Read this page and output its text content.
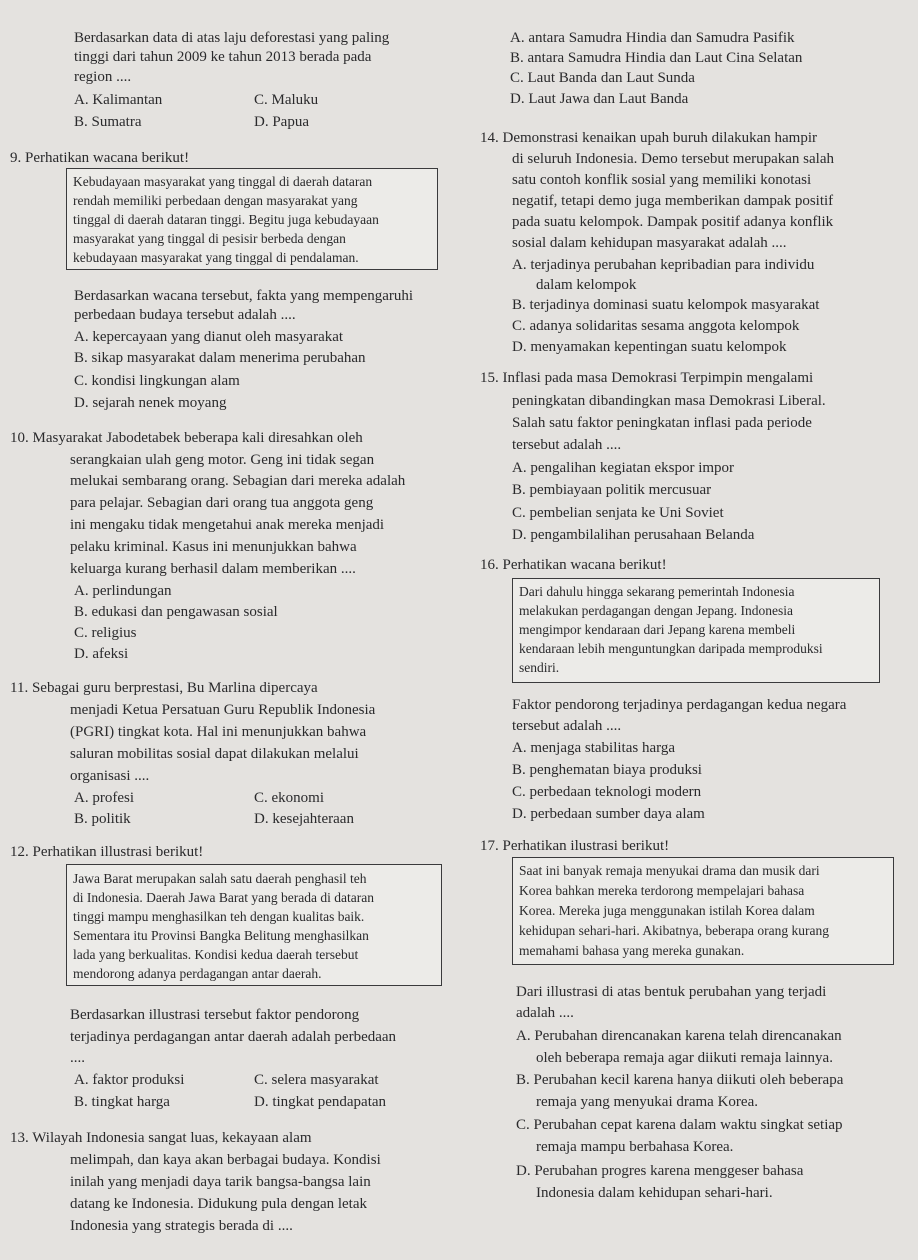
Berdasarkan data di atas laju deforestasi yang paling
tinggi dari tahun 2009 ke tahun 2013 berada pada
region ....
A. Kalimantan	C. Maluku
B. Sumatra	D. Papua
9. Perhatikan wacana berikut!
Kebudayaan masyarakat yang tinggal di daerah dataran
rendah memiliki perbedaan dengan masyarakat yang
tinggal di daerah dataran tinggi. Begitu juga kebudayaan
masyarakat yang tinggal di pesisir berbeda dengan
kebudayaan masyarakat yang tinggal di pendalaman.
Berdasarkan wacana tersebut, fakta yang mempengaruhi
perbedaan budaya tersebut adalah ....
A. kepercayaan yang dianut oleh masyarakat
B. sikap masyarakat dalam menerima perubahan
C. kondisi lingkungan alam
D. sejarah nenek moyang
10. Masyarakat Jabodetabek beberapa kali diresahkan oleh
serangkaian ulah geng motor. Geng ini tidak segan
melukai sembarang orang. Sebagian dari mereka adalah
para pelajar. Sebagian dari orang tua anggota geng
ini mengaku tidak mengetahui anak mereka menjadi
pelaku kriminal. Kasus ini menunjukkan bahwa
keluarga kurang berhasil dalam memberikan ....
A. perlindungan
B. edukasi dan pengawasan sosial
C. religius
D. afeksi
11. Sebagai guru berprestasi, Bu Marlina dipercaya
menjadi Ketua Persatuan Guru Republik Indonesia
(PGRI) tingkat kota. Hal ini menunjukkan bahwa
saluran mobilitas sosial dapat dilakukan melalui
organisasi ....
A. profesi	C. ekonomi
B. politik	D. kesejahteraan
12. Perhatikan illustrasi berikut!
Jawa Barat merupakan salah satu daerah penghasil teh
di Indonesia. Daerah Jawa Barat yang berada di dataran
tinggi mampu menghasilkan teh dengan kualitas baik.
Sementara itu Provinsi Bangka Belitung menghasilkan
lada yang berkualitas. Kondisi kedua daerah tersebut
mendorong adanya perdagangan antar daerah.
Berdasarkan illustrasi tersebut faktor pendorong
terjadinya perdagangan antar daerah adalah perbedaan
....
A. faktor produksi	C. selera masyarakat
B. tingkat harga	D. tingkat pendapatan
13. Wilayah Indonesia sangat luas, kekayaan alam
melimpah, dan kaya akan berbagai budaya. Kondisi
inilah yang menjadi daya tarik bangsa-bangsa lain
datang ke Indonesia. Didukung pula dengan letak
Indonesia yang strategis berada di ....
A. antara Samudra Hindia dan Samudra Pasifik
B. antara Samudra Hindia dan Laut Cina Selatan
C. Laut Banda dan Laut Sunda
D. Laut Jawa dan Laut Banda
14. Demonstrasi kenaikan upah buruh dilakukan hampir
di seluruh Indonesia. Demo tersebut merupakan salah
satu contoh konflik sosial yang memiliki konotasi
negatif, tetapi demo juga memberikan dampak positif
pada suatu kelompok. Dampak positif adanya konflik
sosial dalam kehidupan masyarakat adalah ....
A. terjadinya perubahan kepribadian para individu
dalam kelompok
B. terjadinya dominasi suatu kelompok masyarakat
C. adanya solidaritas sesama anggota kelompok
D. menyamakan kepentingan suatu kelompok
15. Inflasi pada masa Demokrasi Terpimpin mengalami
peningkatan dibandingkan masa Demokrasi Liberal.
Salah satu faktor peningkatan inflasi pada periode
tersebut adalah ....
A. pengalihan kegiatan ekspor impor
B. pembiayaan politik mercusuar
C. pembelian senjata ke Uni Soviet
D. pengambilalihan perusahaan Belanda
16. Perhatikan wacana berikut!
Dari dahulu hingga sekarang pemerintah Indonesia
melakukan perdagangan dengan Jepang. Indonesia
mengimpor kendaraan dari Jepang karena membeli
kendaraan lebih menguntungkan daripada memproduksi
sendiri.
Faktor pendorong terjadinya perdagangan kedua negara
tersebut adalah ....
A. menjaga stabilitas harga
B. penghematan biaya produksi
C. perbedaan teknologi modern
D. perbedaan sumber daya alam
17. Perhatikan ilustrasi berikut!
Saat ini banyak remaja menyukai drama dan musik dari
Korea bahkan mereka terdorong mempelajari bahasa
Korea. Mereka juga menggunakan istilah Korea dalam
kehidupan sehari-hari. Akibatnya, beberapa orang kurang
memahami bahasa yang mereka gunakan.
Dari illustrasi di atas bentuk perubahan yang terjadi
adalah ....
A. Perubahan direncanakan karena telah direncanakan
oleh beberapa remaja agar diikuti remaja lainnya.
B. Perubahan kecil karena hanya diikuti oleh beberapa
remaja yang menyukai drama Korea.
C. Perubahan cepat karena dalam waktu singkat setiap
remaja mampu berbahasa Korea.
D. Perubahan progres karena menggeser bahasa
Indonesia dalam kehidupan sehari-hari.
